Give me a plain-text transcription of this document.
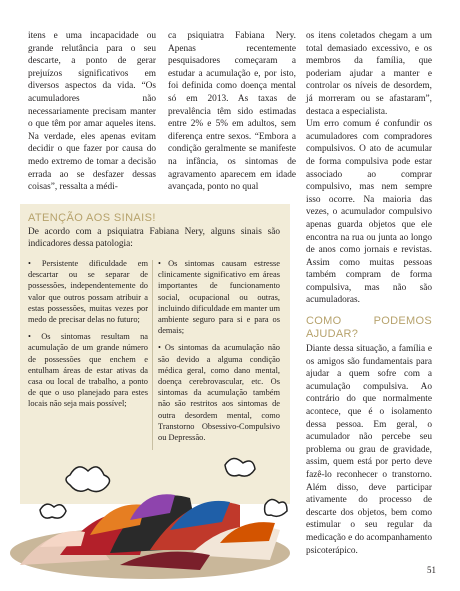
itens e uma incapacidade ou grande relutância para o seu descarte, a ponto de gerar prejuízos significativos em diversos aspectos da vida. “Os acumuladores não necessariamente precisam manter o que têm por amar aqueles itens. Na verdade, eles apenas evitam decidir o que fazer por causa do medo extremo de tomar a decisão errada ao se desfazer dessas coisas”, ressalta a médi-

ca psiquiatra Fabiana Nery. Apenas recentemente pesquisadores começaram a estudar a acumulação e, por isto, foi definida como doença mental só em 2013. As taxas de prevalência têm sido estimadas entre 2% e 5% em adultos, sem diferença entre sexos. “Embora a condição geralmente se manifeste na infância, os sintomas de agravamento aparecem em idade avançada, ponto no qual

os itens coletados chegam a um total demasiado excessivo, e os membros da família, que poderiam ajudar a manter e controlar os níveis de desordem, já morreram ou se afastaram”, destaca a especialista.

Um erro comum é confundir os acumuladores com compradores compulsivos. O ato de acumular de forma compulsiva pode estar associado ao comprar compulsivo, mas nem sempre isso ocorre. Na maioria das vezes, o acumulador compulsivo apenas guarda objetos que ele encontra na rua ou junta ao longo de anos como jornais e revistas. Assim como muitas pessoas também compram de forma compulsiva, mas não são acumuladoras.

COMO PODEMOS AJUDAR?

Diante dessa situação, a família e os amigos são fundamentais para ajudar a quem sofre com a acumulação compulsiva. Ao contrário do que normalmente acontece, que é o isolamento dessa pessoa. Em geral, o acumulador não percebe seu problema ou grau de gravidade, assim, quem está por perto deve fazê-lo reconhecer o transtorno. Além disso, deve participar ativamente do processo de descarte dos objetos, bem como estimular o seu regular da medicação e do acompanhamento psicoterápico.

ATENÇÃO AOS SINAIS!
De acordo com a psiquiatra Fabiana Nery, alguns sinais são indicadores dessa patologia:

• Persistente dificuldade em descartar ou se separar de possessões, independentemente do valor que outros possam atribuir a estas possessões, muitas vezes por medo de precisar delas no futuro;

• Os sintomas resultam na acumulação de um grande número de possessões que enchem e entulham áreas de estar ativas da casa ou local de trabalho, a ponto de que o uso planejado para estes locais não seja mais possível;

• Os sintomas causam estresse clinicamente significativo em áreas importantes de funcionamento social, ocupacional ou outras, incluindo dificuldade em manter um ambiente seguro para si e para os demais;

• Os sintomas da acumulação não são devido a alguma condição médica geral, como dano mental, doença cerebrovascular, etc. Os sintomas da acumulação também não são restritos aos sintomas de outra desordem mental, como Transtorno Obsessivo-Compulsivo ou Depressão.

51
